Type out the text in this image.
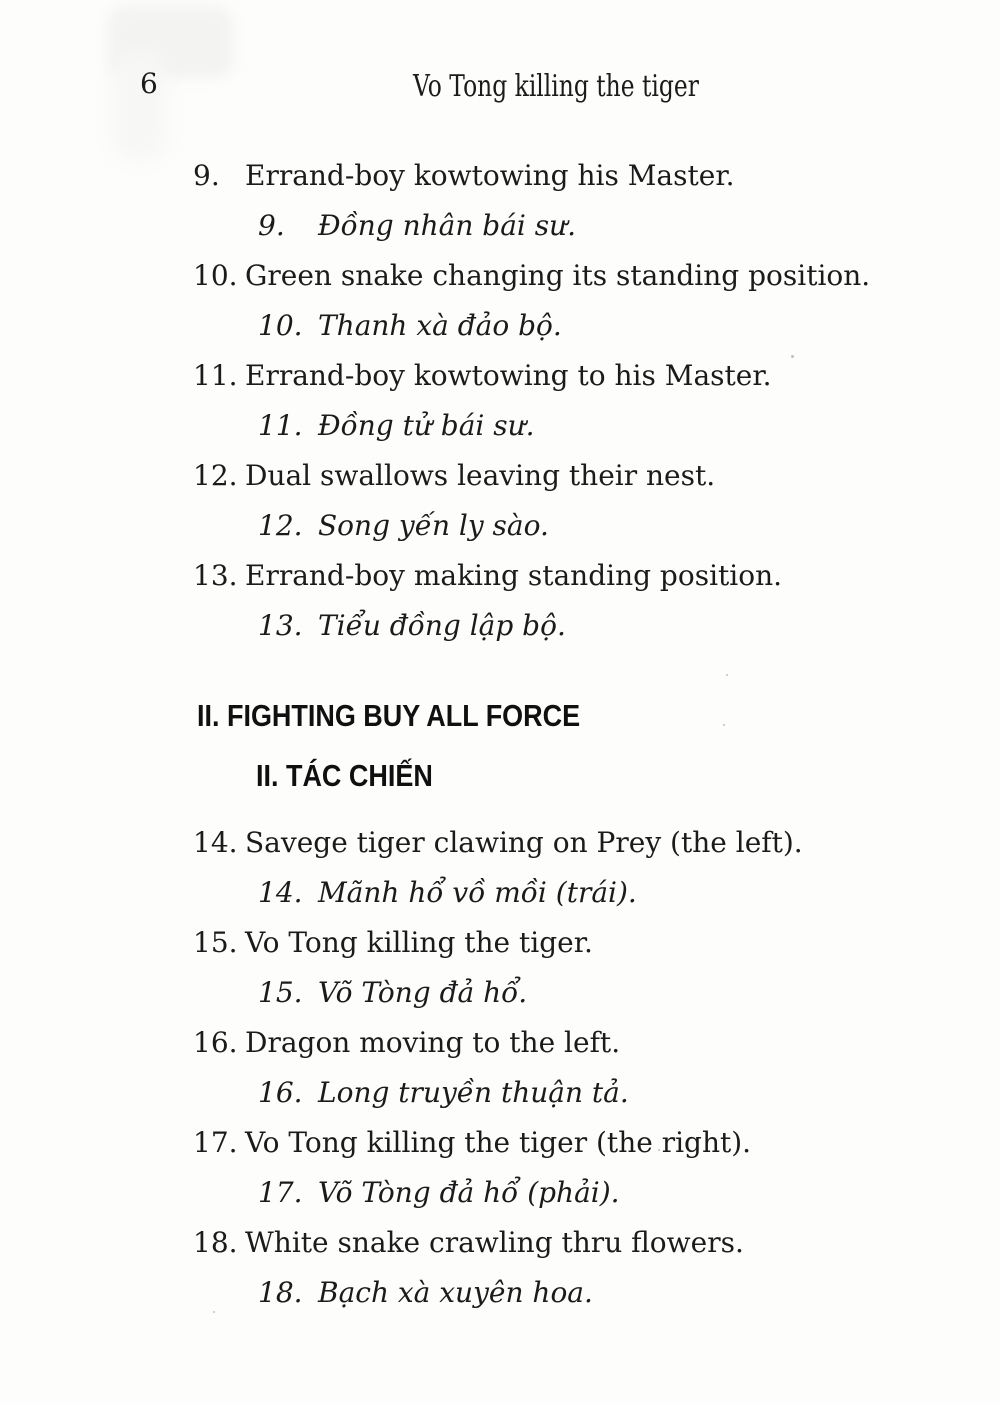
6	Vo Tong killing the tiger
9. Errand-boy kowtowing his Master.
9. Đồng nhân bái sư.
10. Green snake changing its standing position.
10. Thanh xà đảo bộ.
11. Errand-boy kowtowing to his Master.
11. Đồng tử bái sư.
12. Dual swallows leaving their nest.
12. Song yến ly sào.
13. Errand-boy making standing position.
13. Tiểu đồng lập bộ.
II. FIGHTING BUY ALL FORCE
II. TÁC CHIẾN
14. Savege tiger clawing on Prey (the left).
14. Mãnh hổ vồ mồi (trái).
15. Vo Tong killing the tiger.
15. Võ Tòng đả hổ.
16. Dragon moving to the left.
16. Long truyền thuận tả.
17. Vo Tong killing the tiger (the right).
17. Võ Tòng đả hổ (phải).
18. White snake crawling thru flowers.
18. Bạch xà xuyên hoa.
